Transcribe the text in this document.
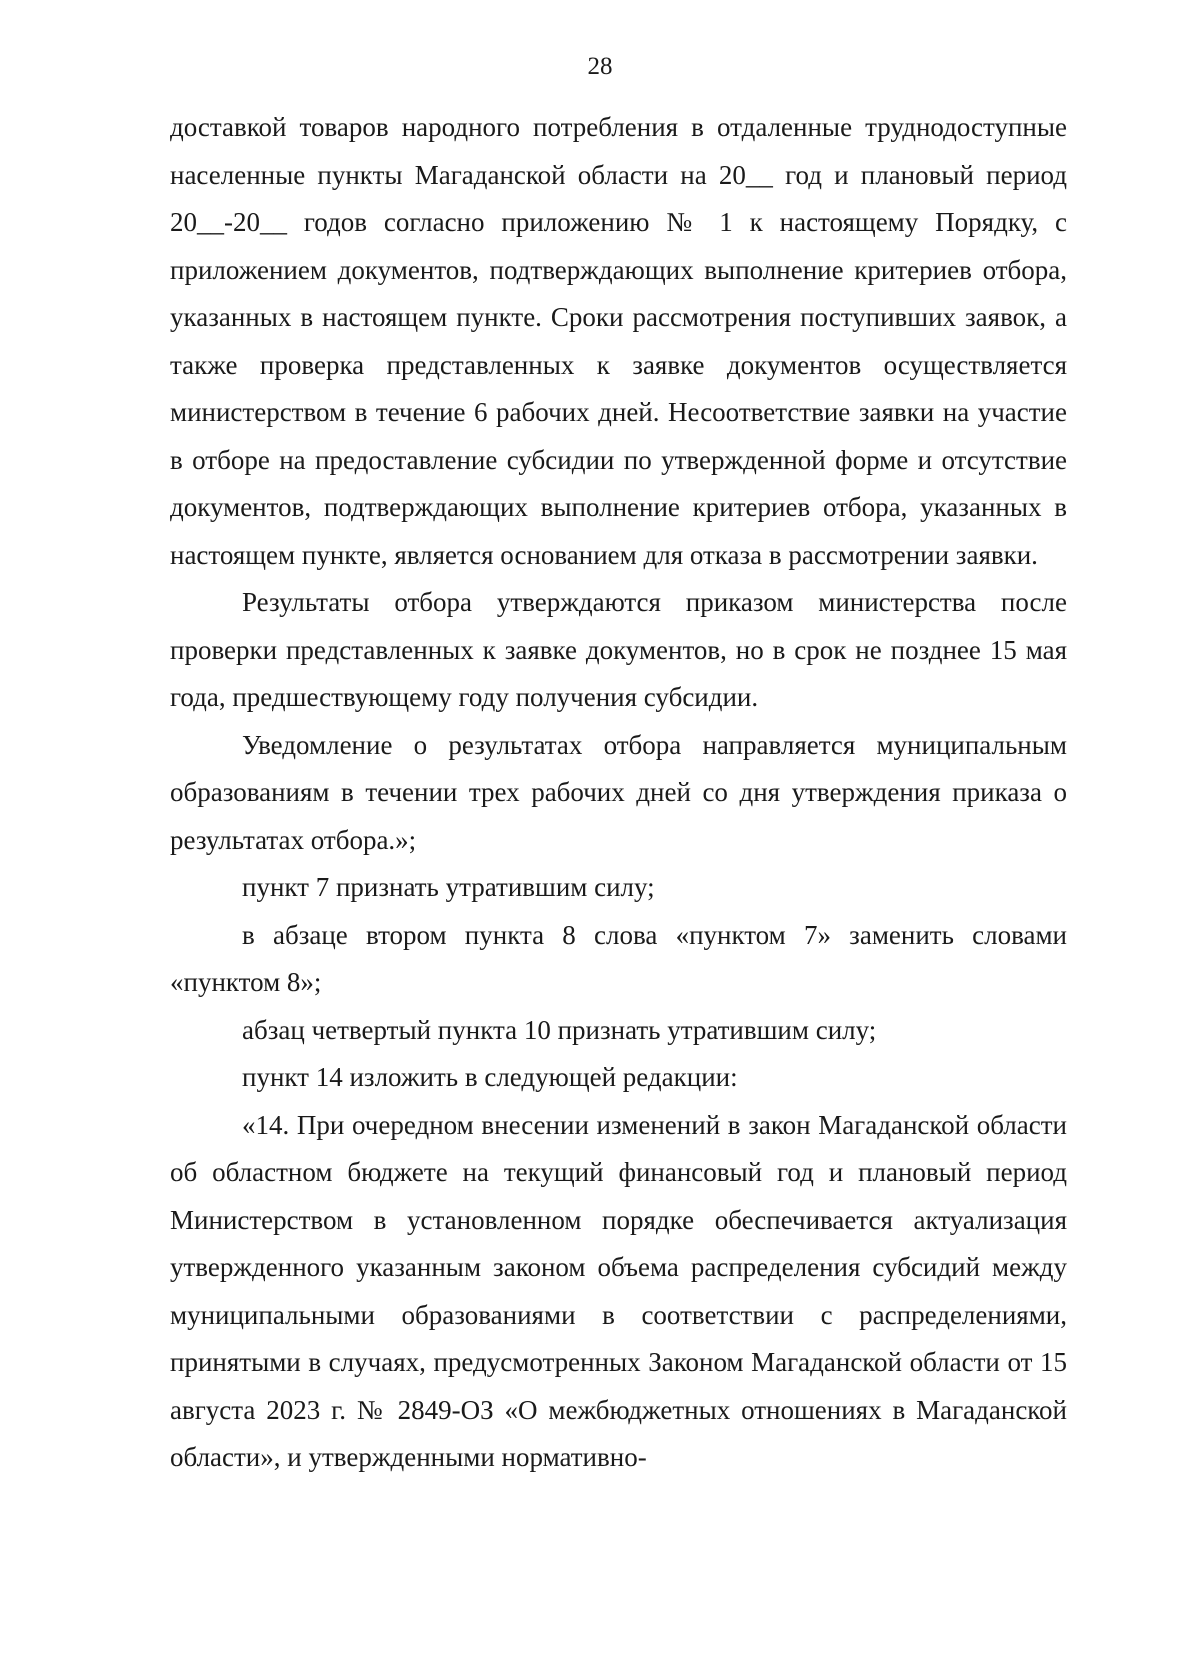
28

доставкой товаров народного потребления в отдаленные труднодоступные населенные пункты Магаданской области на 20__ год и плановый период 20__-20__ годов согласно приложению № 1 к настоящему Порядку, с приложением документов, подтверждающих выполнение критериев отбора, указанных в настоящем пункте. Сроки рассмотрения поступивших заявок, а также проверка представленных к заявке документов осуществляется министерством в течение 6 рабочих дней. Несоответствие заявки на участие в отборе на предоставление субсидии по утвержденной форме и отсутствие документов, подтверждающих выполнение критериев отбора, указанных в настоящем пункте, является основанием для отказа в рассмотрении заявки.

Результаты отбора утверждаются приказом министерства после проверки представленных к заявке документов, но в срок не позднее 15 мая года, предшествующему году получения субсидии.

Уведомление о результатах отбора направляется муниципальным образованиям в течении трех рабочих дней со дня утверждения приказа о результатах отбора.»;

пункт 7 признать утратившим силу;

в абзаце втором пункта 8 слова «пунктом 7» заменить словами «пунктом 8»;

абзац четвертый пункта 10 признать утратившим силу;

пункт 14 изложить в следующей редакции:

«14. При очередном внесении изменений в закон Магаданской области об областном бюджете на текущий финансовый год и плановый период Министерством в установленном порядке обеспечивается актуализация утвержденного указанным законом объема распределения субсидий между муниципальными образованиями в соответствии с распределениями, принятыми в случаях, предусмотренных Законом Магаданской области от 15 августа 2023 г. № 2849-ОЗ «О межбюджетных отношениях в Магаданской области», и утвержденными нормативно-
